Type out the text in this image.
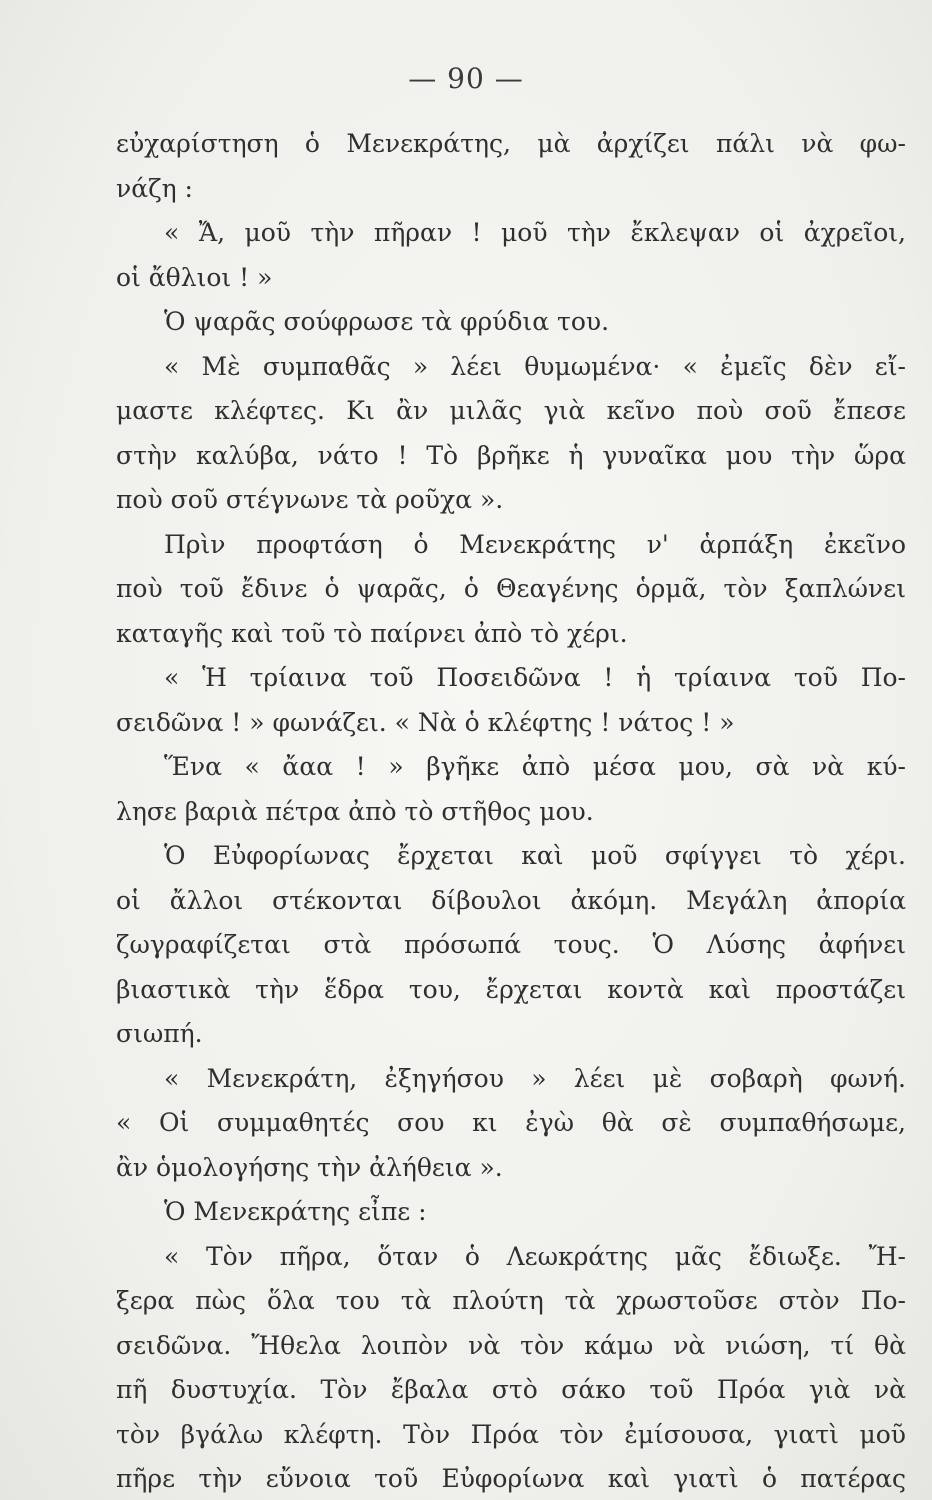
— 90 —
εὐχαρίστηση ὁ Μενεκράτης, μὰ ἀρχίζει πάλι νὰ φω-
νάζη :
« Ἄ, μοῦ τὴν πῆραν ! μοῦ τὴν ἔκλεψαν οἱ ἀχρεῖοι,
οἱ ἄθλιοι ! »
Ὁ ψαρᾶς σούφρωσε τὰ φρύδια του.
« Μὲ συμπαθᾶς » λέει θυμωμένα· « ἐμεῖς δὲν εἴ-
μαστε κλέφτες. Κι ἂν μιλᾶς γιὰ κεῖνο ποὺ σοῦ ἔπεσε
στὴν καλύβα, νάτο ! Τὸ βρῆκε ἡ γυναῖκα μου τὴν ὥρα
ποὺ σοῦ στέγνωνε τὰ ροῦχα ».
Πρὶν προφτάση ὁ Μενεκράτης ν' ἁρπάξη ἐκεῖνο
ποὺ τοῦ ἔδινε ὁ ψαρᾶς, ὁ Θεαγένης ὁρμᾶ, τὸν ξαπλώνει
καταγῆς καὶ τοῦ τὸ παίρνει ἀπὸ τὸ χέρι.
« Ἡ τρίαινα τοῦ Ποσειδῶνα ! ἡ τρίαινα τοῦ Πο-
σειδῶνα ! » φωνάζει. « Νὰ ὁ κλέφτης ! νάτος ! »
Ἕνα « ἄαα ! » βγῆκε ἀπὸ μέσα μου, σὰ νὰ κύ-
λησε βαριὰ πέτρα ἀπὸ τὸ στῆθος μου.
Ὁ Εὐφορίωνας ἔρχεται καὶ μοῦ σφίγγει τὸ χέρι.
οἱ ἄλλοι στέκονται δίβουλοι ἀκόμη. Μεγάλη ἀπορία
ζωγραφίζεται στὰ πρόσωπά τους. Ὁ Λύσης ἀφήνει
βιαστικὰ τὴν ἕδρα του, ἔρχεται κοντὰ καὶ προστάζει
σιωπή.
« Μενεκράτη, ἐξηγήσου » λέει μὲ σοβαρὴ φωνή.
« Οἱ συμμαθητές σου κι ἐγὼ θὰ σὲ συμπαθήσωμε,
ἂν ὁμολογήσης τὴν ἀλήθεια ».
Ὁ Μενεκράτης εἶπε :
« Τὸν πῆρα, ὅταν ὁ Λεωκράτης μᾶς ἔδιωξε. Ἤ-
ξερα πὼς ὅλα του τὰ πλούτη τὰ χρωστοῦσε στὸν Πο-
σειδῶνα. Ἤθελα λοιπὸν νὰ τὸν κάμω νὰ νιώση, τί θὰ
πῆ δυστυχία. Τὸν ἔβαλα στὸ σάκο τοῦ Πρόα γιὰ νὰ
τὸν βγάλω κλέφτη. Τὸν Πρόα τὸν ἐμίσουσα, γιατὶ μοῦ
πῆρε τὴν εὔνοια τοῦ Εὐφορίωνα καὶ γιατὶ ὁ πατέρας
